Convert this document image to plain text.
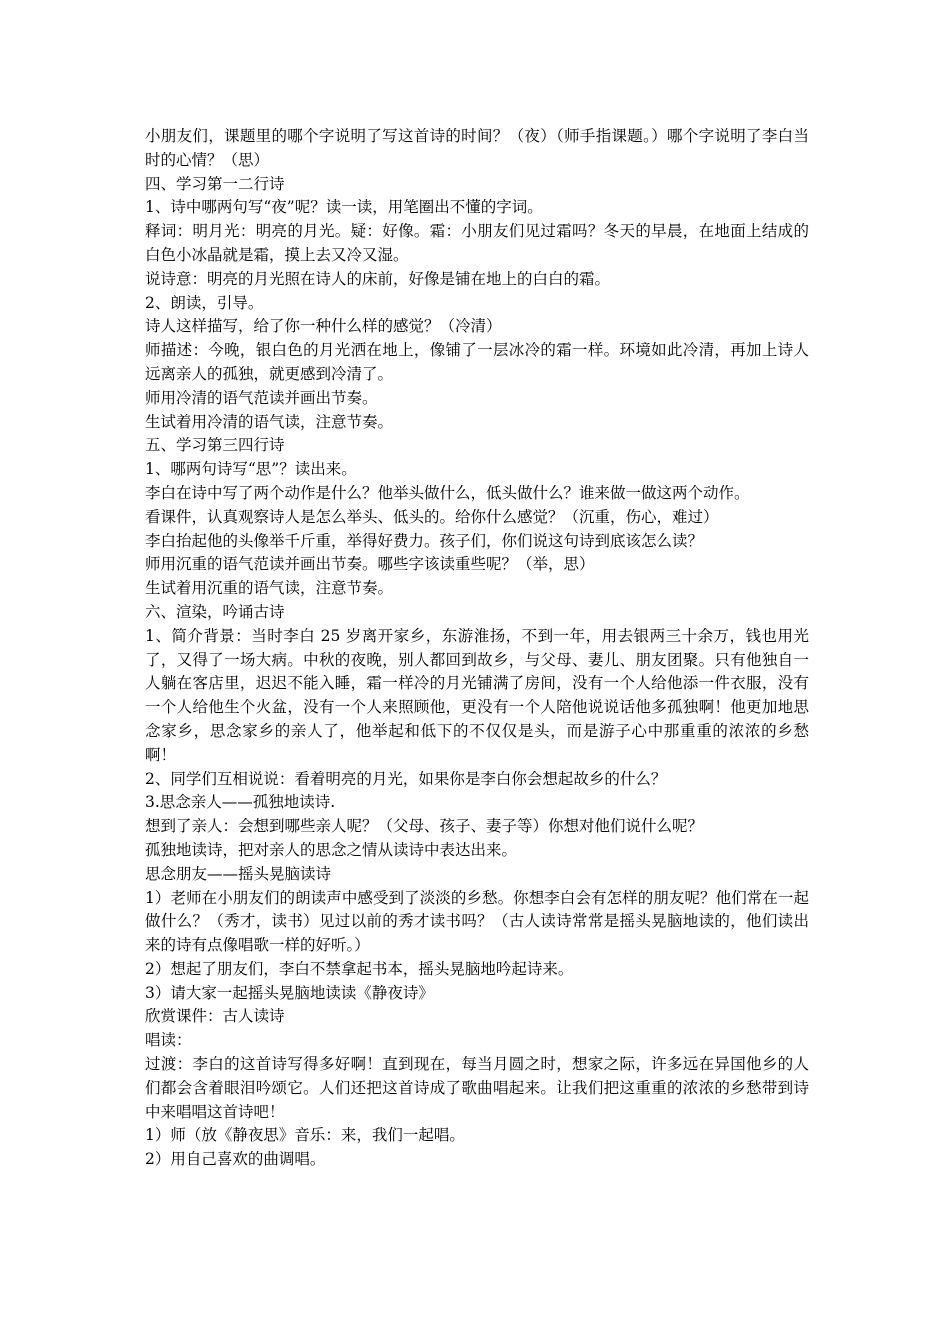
小朋友们，课题里的哪个字说明了写这首诗的时间？（夜）（师手指课题。）哪个字说明了李白当时的心情？（思）

四、学习第一二行诗

1、诗中哪两句写“夜”呢？读一读，用笔圈出不懂的字词。

释词：明月光：明亮的月光。疑：好像。霜：小朋友们见过霜吗？冬天的早晨，在地面上结成的白色小冰晶就是霜，摸上去又冷又湿。

说诗意：明亮的月光照在诗人的床前，好像是铺在地上的白白的霜。

2、朗读，引导。

诗人这样描写，给了你一种什么样的感觉？（冷清）

师描述：今晚，银白色的月光洒在地上，像铺了一层冰冷的霜一样。环境如此冷清，再加上诗人远离亲人的孤独，就更感到冷清了。

师用冷清的语气范读并画出节奏。

生试着用冷清的语气读，注意节奏。

五、学习第三四行诗

1、哪两句诗写“思”？读出来。

李白在诗中写了两个动作是什么？他举头做什么，低头做什么？谁来做一做这两个动作。

看课件，认真观察诗人是怎么举头、低头的。给你什么感觉？（沉重，伤心，难过）

李白抬起他的头像举千斤重，举得好费力。孩子们，你们说这句诗到底该怎么读？

师用沉重的语气范读并画出节奏。哪些字该读重些呢？（举，思）

生试着用沉重的语气读，注意节奏。

六、渲染，吟诵古诗

1、简介背景：当时李白 25 岁离开家乡，东游淮扬，不到一年，用去银两三十余万，钱也用光了，又得了一场大病。中秋的夜晚，别人都回到故乡，与父母、妻儿、朋友团聚。只有他独自一人躺在客店里，迟迟不能入睡，霜一样冷的月光铺满了房间，没有一个人给他添一件衣服，没有一个人给他生个火盆，没有一个人来照顾他，更没有一个人陪他说说话他多孤独啊！他更加地思念家乡，思念家乡的亲人了，他举起和低下的不仅仅是头，而是游子心中那重重的浓浓的乡愁啊！

2、同学们互相说说：看着明亮的月光，如果你是李白你会想起故乡的什么？

3.思念亲人——孤独地读诗.

想到了亲人：会想到哪些亲人呢？（父母、孩子、妻子等）你想对他们说什么呢？

孤独地读诗，把对亲人的思念之情从读诗中表达出来。

思念朋友——摇头晃脑读诗

1）老师在小朋友们的朗读声中感受到了淡淡的乡愁。你想李白会有怎样的朋友呢？他们常在一起做什么？（秀才，读书）见过以前的秀才读书吗？（古人读诗常常是摇头晃脑地读的，他们读出来的诗有点像唱歌一样的好听。）

2）想起了朋友们，李白不禁拿起书本，摇头晃脑地吟起诗来。

3）请大家一起摇头晃脑地读读《静夜诗》

欣赏课件：古人读诗

唱读：

过渡：李白的这首诗写得多好啊！直到现在，每当月圆之时，想家之际，许多远在异国他乡的人们都会含着眼泪吟颂它。人们还把这首诗成了歌曲唱起来。让我们把这重重的浓浓的乡愁带到诗中来唱唱这首诗吧！

1）师（放《静夜思》音乐：来，我们一起唱。

2）用自己喜欢的曲调唱。
